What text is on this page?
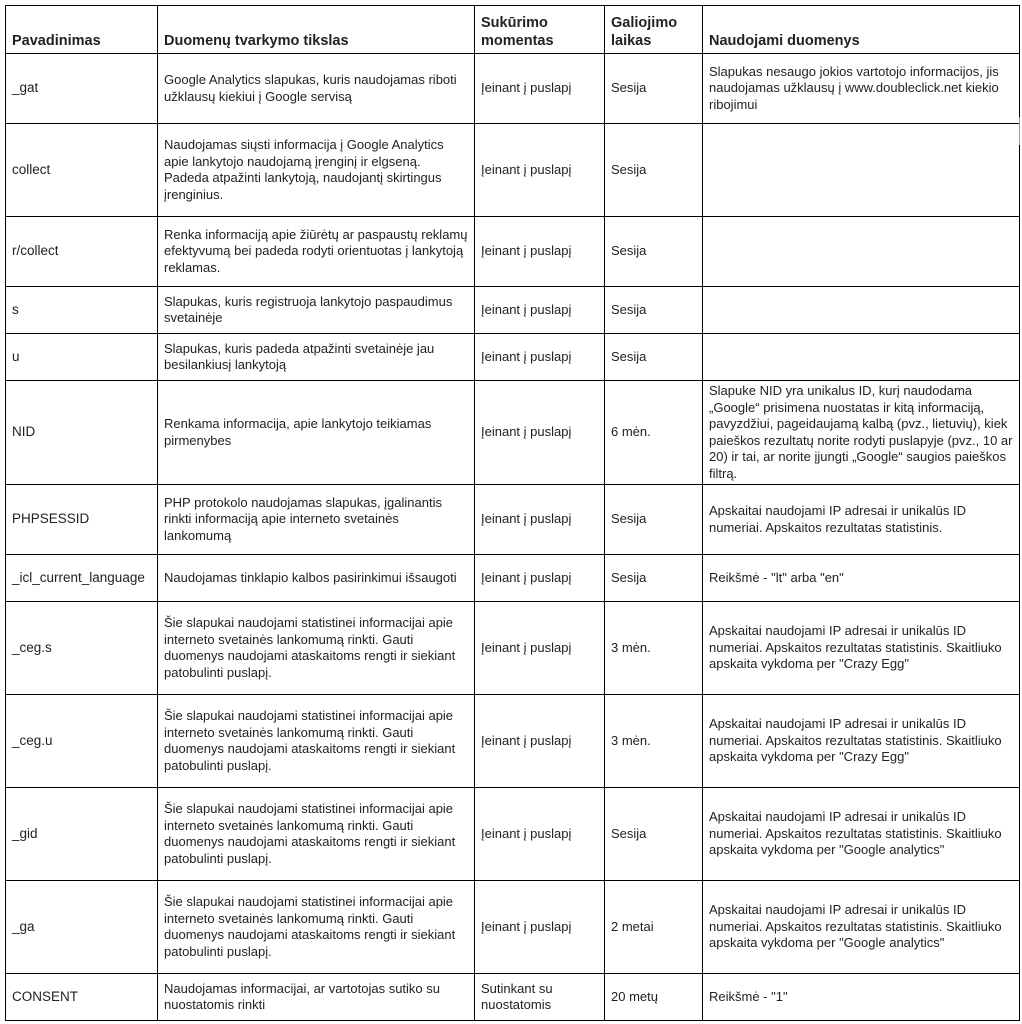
Pavadinimas	Duomenų tvarkymo tikslas	Sukūrimo momentas	Galiojimo laikas	Naudojami duomenys
_gat	Google Analytics slapukas, kuris naudojamas riboti užklausų kiekiui į Google servisą	Įeinant į puslapį	Sesija	Slapukas nesaugo jokios vartotojo informacijos, jis naudojamas užklausų į www.doubleclick.net kiekio ribojimui
collect	Naudojamas siųsti informacija į Google Analytics apie lankytojo naudojamą įrenginį ir elgseną. Padeda atpažinti lankytoją, naudojantį skirtingus įrenginius.	Įeinant į puslapį	Sesija	
r/collect	Renka informaciją apie žiūrėtų ar paspaustų reklamų efektyvumą bei padeda rodyti orientuotas į lankytoją reklamas.	Įeinant į puslapį	Sesija	
s	Slapukas, kuris registruoja lankytojo paspaudimus svetainėje	Įeinant į puslapį	Sesija	
u	Slapukas, kuris padeda atpažinti svetainėje jau besilankiusį lankytoją	Įeinant į puslapį	Sesija	
NID	Renkama informacija, apie lankytojo teikiamas pirmenybes	Įeinant į puslapį	6 mėn.	Slapuke NID yra unikalus ID, kurį naudodama „Google“ prisimena nuostatas ir kitą informaciją, pavyzdžiui, pageidaujamą kalbą (pvz., lietuvių), kiek paieškos rezultatų norite rodyti puslapyje (pvz., 10 ar 20) ir tai, ar norite įjungti „Google“ saugios paieškos filtrą.
PHPSESSID	PHP protokolo naudojamas slapukas, įgalinantis rinkti informaciją apie interneto svetainės lankomumą	Įeinant į puslapį	Sesija	Apskaitai naudojami IP adresai ir unikalūs ID numeriai. Apskaitos rezultatas statistinis.
_icl_current_language	Naudojamas tinklapio kalbos pasirinkimui išsaugoti	Įeinant į puslapį	Sesija	Reikšmė - "lt" arba "en"
_ceg.s	Šie slapukai naudojami statistinei informacijai apie interneto svetainės lankomumą rinkti. Gauti duomenys naudojami ataskaitoms rengti ir siekiant patobulinti puslapį.	Įeinant į puslapį	3 mėn.	Apskaitai naudojami IP adresai ir unikalūs ID numeriai. Apskaitos rezultatas statistinis. Skaitliuko apskaita vykdoma per "Crazy Egg"
_ceg.u	Šie slapukai naudojami statistinei informacijai apie interneto svetainės lankomumą rinkti. Gauti duomenys naudojami ataskaitoms rengti ir siekiant patobulinti puslapį.	Įeinant į puslapį	3 mėn.	Apskaitai naudojami IP adresai ir unikalūs ID numeriai. Apskaitos rezultatas statistinis. Skaitliuko apskaita vykdoma per "Crazy Egg"
_gid	Šie slapukai naudojami statistinei informacijai apie interneto svetainės lankomumą rinkti. Gauti duomenys naudojami ataskaitoms rengti ir siekiant patobulinti puslapį.	Įeinant į puslapį	Sesija	Apskaitai naudojami IP adresai ir unikalūs ID numeriai. Apskaitos rezultatas statistinis. Skaitliuko apskaita vykdoma per "Google analytics"
_ga	Šie slapukai naudojami statistinei informacijai apie interneto svetainės lankomumą rinkti. Gauti duomenys naudojami ataskaitoms rengti ir siekiant patobulinti puslapį.	Įeinant į puslapį	2 metai	Apskaitai naudojami IP adresai ir unikalūs ID numeriai. Apskaitos rezultatas statistinis. Skaitliuko apskaita vykdoma per "Google analytics"
CONSENT	Naudojamas informacijai, ar vartotojas sutiko su nuostatomis rinkti	Sutinkant su nuostatomis	20 metų	Reikšmė - "1"
